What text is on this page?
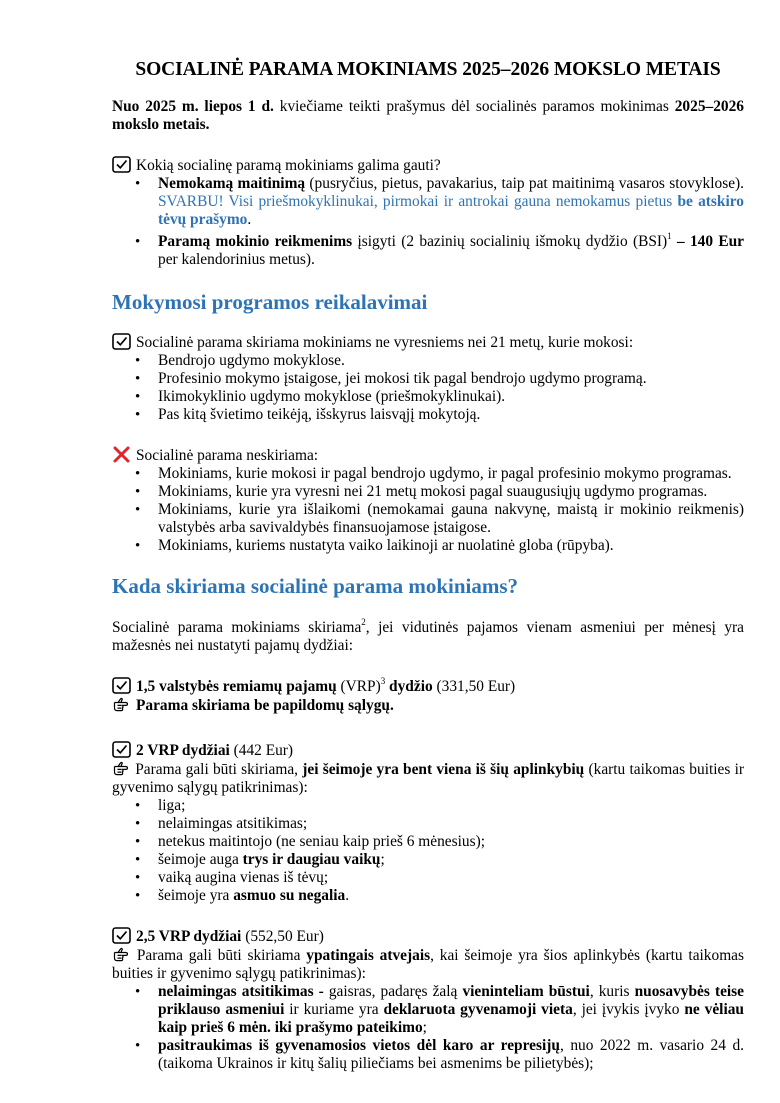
SOCIALINĖ PARAMA MOKINIAMS 2025–2026 MOKSLO METAIS

Nuo 2025 m. liepos 1 d. kviečiame teikti prašymus dėl socialinės paramos mokinimas 2025–2026 mokslo metais.

Kokią socialinę paramą mokiniams galima gauti?
• Nemokamą maitinimą (pusryčius, pietus, pavakarius, taip pat maitinimą vasaros stovyklose). SVARBU! Visi priešmokyklinukai, pirmokai ir antrokai gauna nemokamus pietus be atskiro tėvų prašymo.
• Paramą mokinio reikmenims įsigyti (2 bazinių socialinių išmokų dydžio (BSI)$^1$ – 140 Eur per kalendorinius metus).
Mokymosi programos reikalavimai
Socialinė parama skiriama mokiniams ne vyresniems nei 21 metų, kurie mokosi:
• Bendrojo ugdymo mokyklose.
• Profesinio mokymo įstaigose, jei mokosi tik pagal bendrojo ugdymo programą.
• Ikimokyklinio ugdymo mokyklose (priešmokyklinukai).
• Pas kitą švietimo teikėją, išskyrus laisvąjį mokytoją.
Socialinė parama neskiriama:
• Mokiniams, kurie mokosi ir pagal bendrojo ugdymo, ir pagal profesinio mokymo programas.
• Mokiniams, kurie yra vyresni nei 21 metų mokosi pagal suaugusiųjų ugdymo programas.
• Mokiniams, kurie yra išlaikomi (nemokamai gauna nakvynę, maistą ir mokinio reikmenis) valstybės arba savivaldybės finansuojamose įstaigose.
• Mokiniams, kuriems nustatyta vaiko laikinoji ar nuolatinė globa (rūpyba).
Kada skiriama socialinė parama mokiniams?

Socialinė parama mokiniams skiriama$^2$, jei vidutinės pajamos vienam asmeniui per mėnesį yra mažesnės nei nustatyti pajamų dydžiai:

1,5 valstybės remiamų pajamų (VRP)$^3$ dydžio (331,50 Eur)
Parama skiriama be papildomų sąlygų.
2 VRP dydžiai (442 Eur)

Parama gali būti skiriama, jei šeimoje yra bent viena iš šių aplinkybių (kartu taikomas buities ir gyvenimo sąlygų patikrinimas):

• liga;
• nelaimingas atsitikimas;
• netekus maitintojo (ne seniau kaip prieš 6 mėnesius);
• šeimoje auga trys ir daugiau vaikų;
• vaiką augina vienas iš tėvų;
• šeimoje yra asmuo su negalia.
2,5 VRP dydžiai (552,50 Eur)

Parama gali būti skiriama ypatingais atvejais, kai šeimoje yra šios aplinkybės (kartu taikomas buities ir gyvenimo sąlygų patikrinimas):

• nelaimingas atsitikimas - gaisras, padaręs žalą vieninteliam būstui, kuris nuosavybės teise priklauso asmeniui ir kuriame yra deklaruota gyvenamoji vieta, jei įvykis įvyko ne vėliau kaip prieš 6 mėn. iki prašymo pateikimo;
• pasitraukimas iš gyvenamosios vietos dėl karo ar represijų, nuo 2022 m. vasario 24 d. (taikoma Ukrainos ir kitų šalių piliečiams bei asmenims be pilietybės);
